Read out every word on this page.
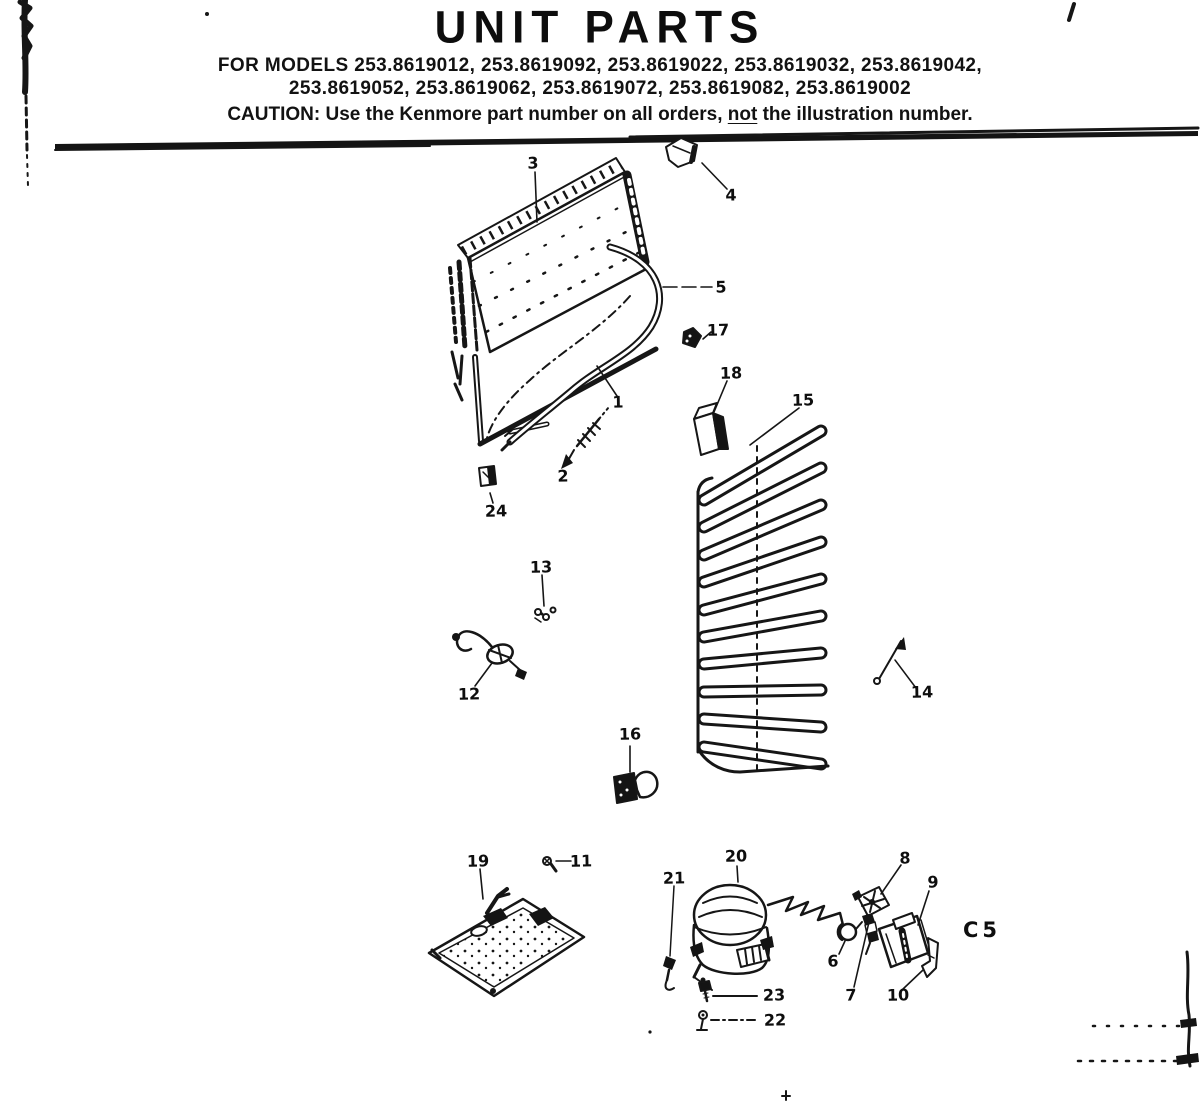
UNIT PARTS

FOR MODELS 253.8619012, 253.8619092, 253.8619022, 253.8619032, 253.8619042,

253.8619052, 253.8619062, 253.8619072, 253.8619082, 253.8619002

CAUTION: Use the Kenmore part number on all orders, not the illustration number.

1
2
3
4
5
6
7
8
9
10
11
12
13
14
15
16
17
18
19	20
21
22
23
24
C5
